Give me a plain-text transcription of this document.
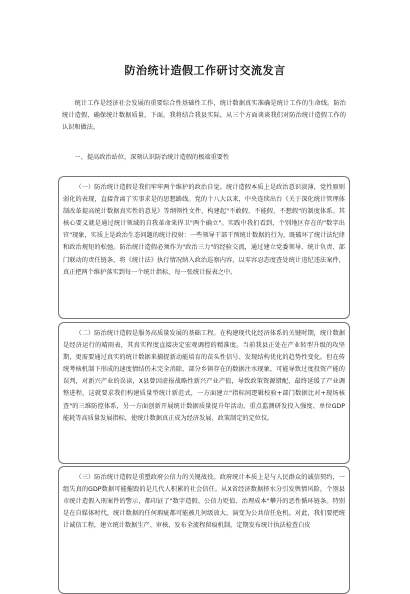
防治统计造假工作研讨交流发言

统计工作是经济社会发展的重要综合性基础性工作，统计数据真实准确是统计工作的生命线。防治统计造假，确保统计数据质量，下面，我将结合我县实际，从三个方面谈谈我们对防治统计造假工作的认识和做法。

一、提高政治站位，深刻认识防治统计造假的极端重要性

（一）防治统计造假是我们牢牢两个维护的政治自觉。统计造假本质上是政治意识淡薄，党性原则弱化的表现，直接背离了实事求是的思想路线。党的十八大以来，中央连续出台《关于深化统计管理体制改革提高统计数据真实性的意见》等纲领性文件，构建起"不敢假、不能假、不想假"的制度体系。其核心要义就是通过统计领域的自我革命来捍卫"两个确立"。实践中我们看到，个别地区存在的"数字出官"现象，实质上是政治生态问题的统计投射：一些领导干部干预统计数据的行为，既破坏了统计法纪律和政治规矩的松弛。防治统计造假必须作为"政治三力"的经验交流，通过建立党委领导、统计负责、部门联动的责任链条，将《统计法》执行情况纳入政治巡察内容，以零容忍态度查处统计违纪违法案件，真正把两个维护落实到每一个统计指标、每一张统计报表之中。

（二）防治统计造假是服务高质量发展的基础工程。在构建现代化经济体系的关键时期，统计数据是经济运行的晴雨表，其真实程度直接决定宏观调控的精准度。当前我县正处在产业转型升级的攻坚期，更需要通过真实的统计数据来捕捉新动能培育的苗头性信号、发现结构优化的趋势性变化。但在传统考核机制下形成的速度情结仍未完全消除，部分乡镇存在的数据注水现象，可能导致过度投资产能的误判，对新兴产业的误读，X县曾因虚报战略性新兴产业产值，导致政策资源错配，最终延缓了产业调整进程，这就要求我们构建质量型统计新范式，一方面建立"指标间逻辑校验+部门数据比对+现场核查"的三维防控体系，另一方面创新开展统计数据质量提升年活动，重点监测研发投入强度、单位GDP能耗等高质量发展指标，使统计数据真正成为经济发展、政策制定的定位仪。

（三）防治统计造假是重塑政府公信力的关键战役。政府统计本质上是与人民群众的诚信契约，一组失真的GDP数据可能摧毁的是几代人积累的社会信任。从X省经济数据挤水分引发舆情风险，个别县市统计造假入刑案件的警示，都印证了"数字造假、公信力贬值、治理成本"攀升的恶性循环链条。特别是在自媒体时代，统计数据的任何瑕疵都可能被几何级放大，演变为公共信任危机。对此，我们要把统计诚信工程，建立统计数据生产、审核、发布全流程留痕机制，定期发布统计执法检查白皮
